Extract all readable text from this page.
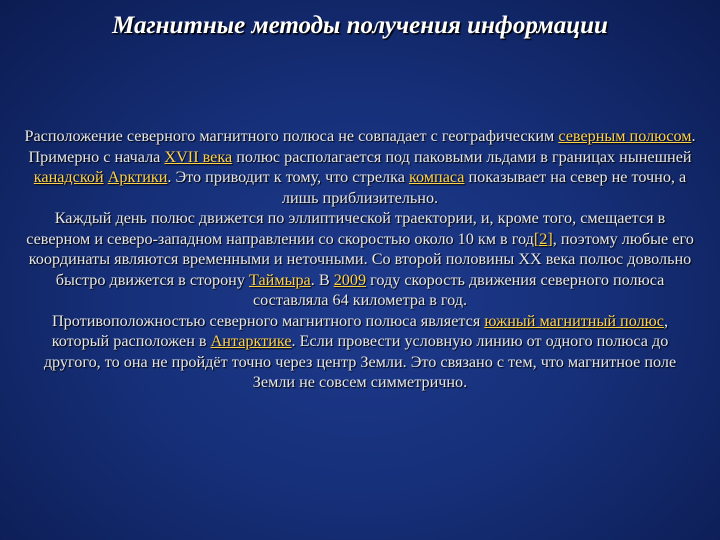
Магнитные методы получения информации

Расположение северного магнитного полюса не совпадает с географическим северным полюсом. Примерно с начала XVII века полюс располагается под паковыми льдами в границах нынешней канадской Арктики. Это приводит к тому, что стрелка компаса показывает на север не точно, а лишь приблизительно.

Каждый день полюс движется по эллиптической траектории, и, кроме того, смещается в северном и северо-западном направлении со скоростью около 10 км в год[2], поэтому любые его координаты являются временными и неточными. Со второй половины XX века полюс довольно быстро движется в сторону Таймыра. В 2009 году скорость движения северного полюса составляла 64 километра в год.

Противоположностью северного магнитного полюса является южный магнитный полюс, который расположен в Антарктике. Если провести условную линию от одного полюса до другого, то она не пройдёт точно через центр Земли. Это связано с тем, что магнитное поле Земли не совсем симметрично.
